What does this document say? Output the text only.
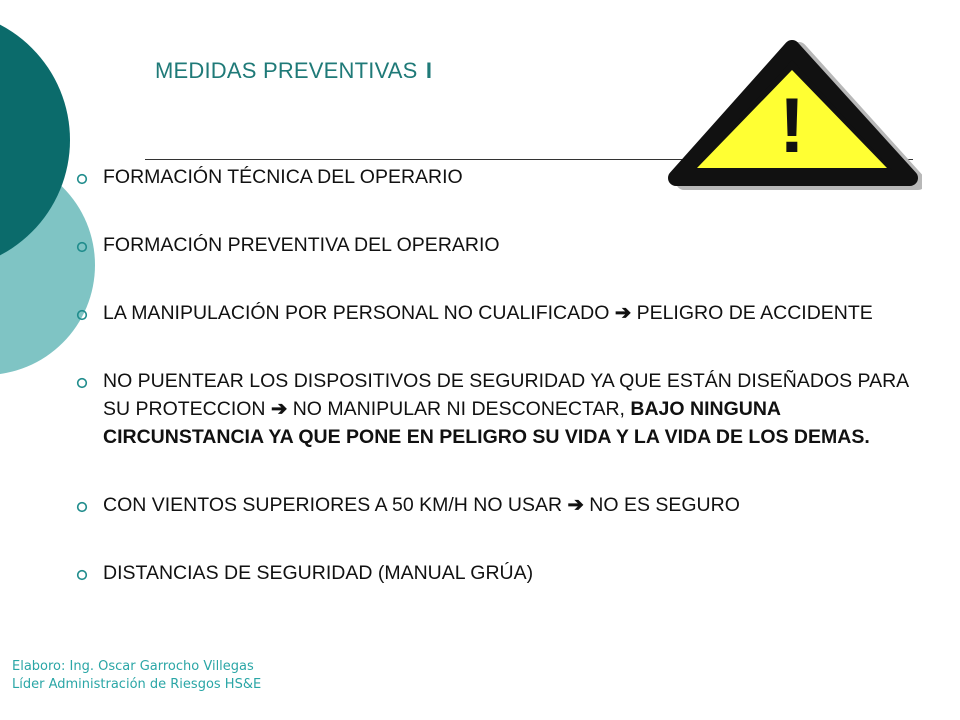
MEDIDAS PREVENTIVAS I
!
FORMACIÓN TÉCNICA DEL OPERARIO
FORMACIÓN PREVENTIVA DEL OPERARIO
LA MANIPULACIÓN POR PERSONAL NO CUALIFICADO ➔ PELIGRO DE ACCIDENTE
NO PUENTEAR LOS DISPOSITIVOS DE SEGURIDAD YA QUE ESTÁN DISEÑADOS PARA SU PROTECCION ➔ NO MANIPULAR NI DESCONECTAR, BAJO NINGUNA CIRCUNSTANCIA YA QUE PONE EN PELIGRO SU VIDA Y LA VIDA DE LOS DEMAS.
CON VIENTOS SUPERIORES A 50 KM/H NO USAR ➔ NO ES SEGURO
DISTANCIAS DE SEGURIDAD (MANUAL GRÚA)
Elaboro: Ing. Oscar Garrocho Villegas
Líder Administración de Riesgos HS&E
